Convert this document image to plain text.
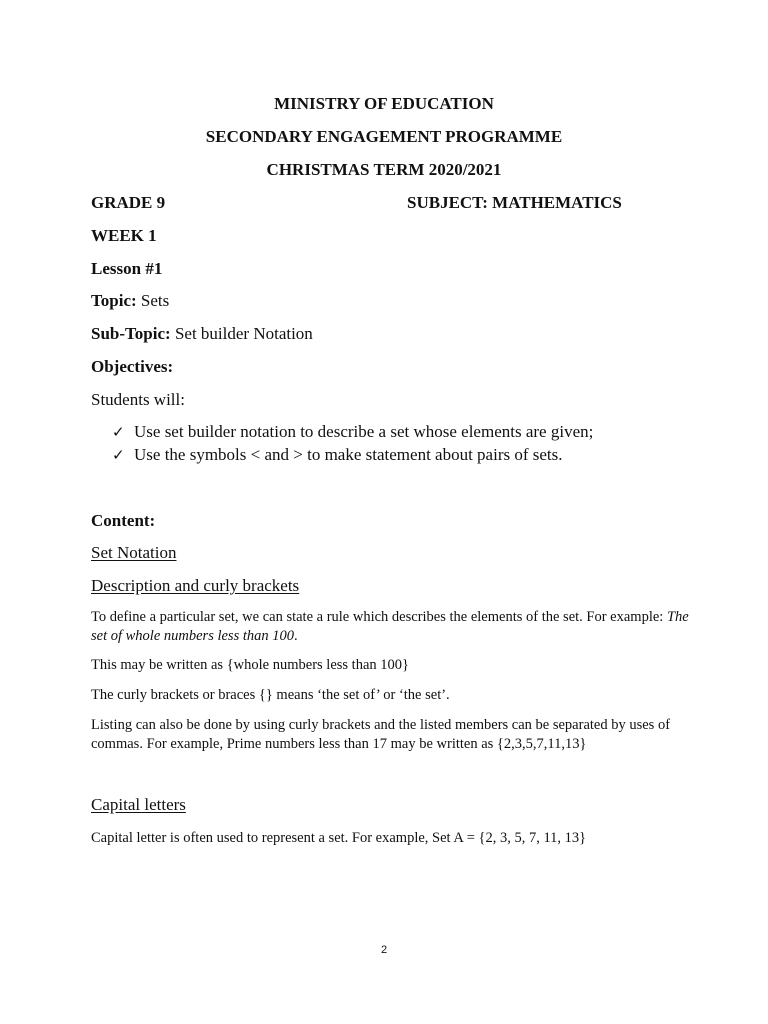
MINISTRY OF EDUCATION
SECONDARY ENGAGEMENT PROGRAMME
CHRISTMAS TERM 2020/2021
GRADE 9	SUBJECT: MATHEMATICS
WEEK 1
Lesson #1
Topic: Sets
Sub-Topic: Set builder Notation
Objectives:
Students will:
✓ Use set builder notation to describe a set whose elements are given;
✓ Use the symbols < and > to make statement about pairs of sets.
Content:
Set Notation
Description and curly brackets
To define a particular set, we can state a rule which describes the elements of the set. For example: The set of whole numbers less than 100.
This may be written as {whole numbers less than 100}
The curly brackets or braces {} means ‘the set of’ or ‘the set’.
Listing can also be done by using curly brackets and the listed members can be separated by uses of commas. For example, Prime numbers less than 17 may be written as {2,3,5,7,11,13}
Capital letters
Capital letter is often used to represent a set. For example, Set A = {2, 3, 5, 7, 11, 13}
2
